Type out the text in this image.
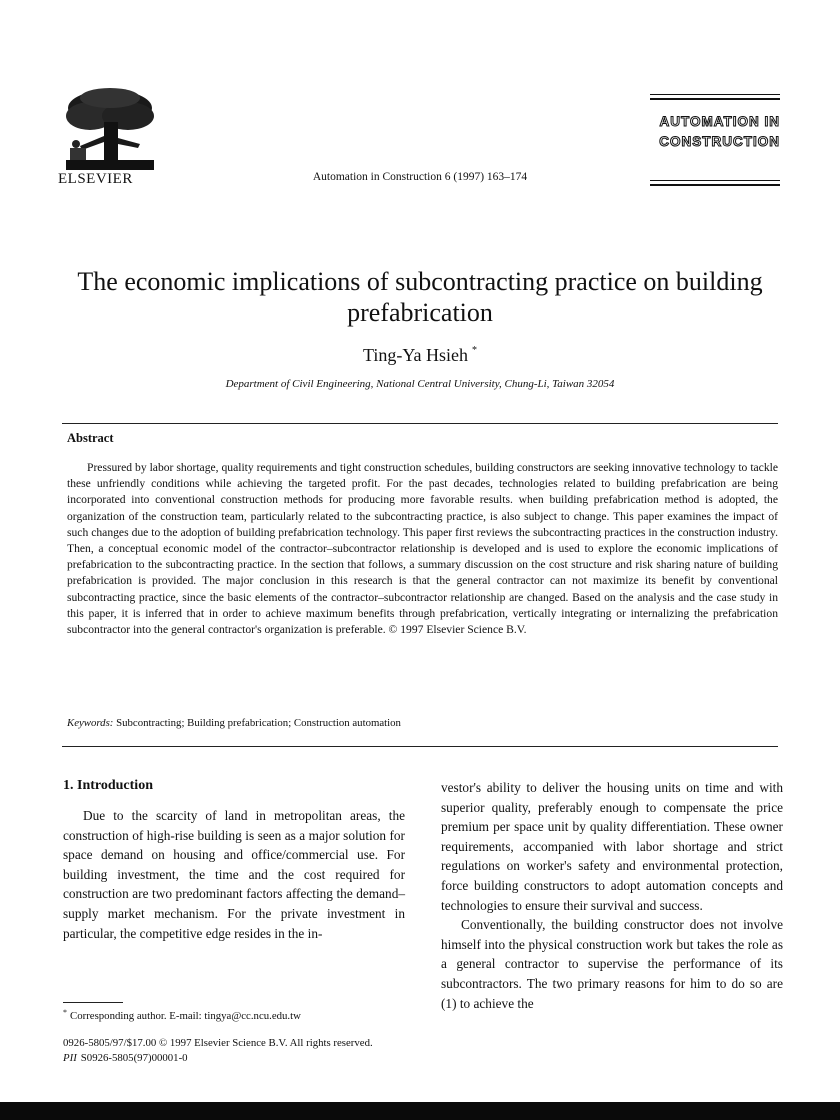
ELSEVIER	Automation in Construction 6 (1997) 163–174
AUTOMATION IN
CONSTRUCTION
The economic implications of subcontracting practice on building prefabrication
Ting-Ya Hsieh *
Department of Civil Engineering, National Central University, Chung-Li, Taiwan 32054
Abstract
Pressured by labor shortage, quality requirements and tight construction schedules, building constructors are seeking innovative technology to tackle these unfriendly conditions while achieving the targeted profit. For the past decades, technologies related to building prefabrication are being incorporated into conventional construction methods for producing more favorable results. when building prefabrication method is adopted, the organization of the construction team, particularly related to the subcontracting practice, is also subject to change. This paper examines the impact of such changes due to the adoption of building prefabrication technology. This paper first reviews the subcontracting practices in the construction industry. Then, a conceptual economic model of the contractor–subcontractor relationship is developed and is used to explore the economic implications of prefabrication to the subcontracting practice. In the section that follows, a summary discussion on the cost structure and risk sharing nature of building prefabrication is provided. The major conclusion in this research is that the general contractor can not maximize its benefit by conventional subcontracting practice, since the basic elements of the contractor–subcontractor relationship are changed. Based on the analysis and the case study in this paper, it is inferred that in order to achieve maximum benefits through prefabrication, vertically integrating or internalizing the prefabrication subcontractor into the general contractor's organization is preferable. © 1997 Elsevier Science B.V.
Keywords: Subcontracting; Building prefabrication; Construction automation
1. Introduction

Due to the scarcity of land in metropolitan areas, the construction of high-rise building is seen as a major solution for space demand on housing and office/commercial use. For building investment, the time and the cost required for construction are two predominant factors affecting the demand–supply market mechanism. For the private investment in particular, the competitive edge resides in the in-

vestor's ability to deliver the housing units on time and with superior quality, preferably enough to compensate the price premium per space unit by quality differentiation. These owner requirements, accompanied with labor shortage and strict regulations on worker's safety and environmental protection, force building constructors to adopt automation concepts and technologies to ensure their survival and success.

Conventionally, the building constructor does not involve himself into the physical construction work but takes the role as a general contractor to supervise the performance of its subcontractors. The two primary reasons for him to do so are (1) to achieve the

* Corresponding author. E-mail: tingya@cc.ncu.edu.tw
0926-5805/97/$17.00 © 1997 Elsevier Science B.V. All rights reserved.
PII S0926-5805(97)00001-0
